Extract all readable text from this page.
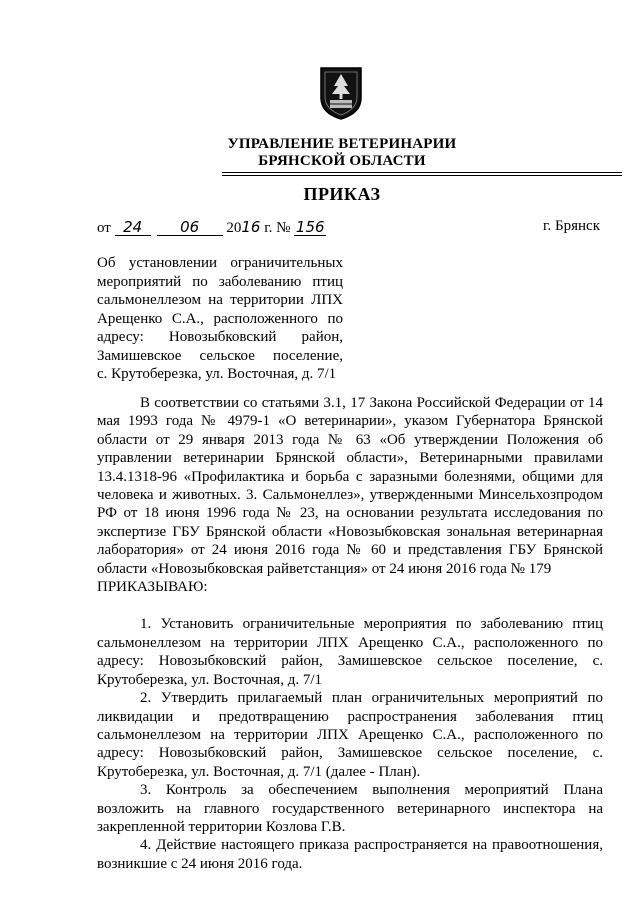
УПРАВЛЕНИЕ ВЕТЕРИНАРИИ
БРЯНСКОЙ ОБЛАСТИ
ПРИКАЗ
от 24	06 2016 г. № 156	г. Брянск
Об установлении ограничительных
мероприятий по заболеванию птиц
сальмонеллезом на территории ЛПХ
Арещенко С.А., расположенного по
адресу: Новозыбковский район,
Замишевское сельское поселение,
с. Крутоберезка, ул. Восточная, д. 7/1

В соответствии со статьями 3.1, 17 Закона Российской Федерации от 14 мая 1993 года № 4979-1 «О ветеринарии», указом Губернатора Брянской области от 29 января 2013 года № 63 «Об утверждении Положения об управлении ветеринарии Брянской области», Ветеринарными правилами 13.4.1318-96 «Профилактика и борьба с заразными болезнями, общими для человека и животных. 3. Сальмонеллез», утвержденными Минсельхозпродом РФ от 18 июня 1996 года № 23, на основании результата исследования по экспертизе ГБУ Брянской области «Новозыбковская зональная ветеринарная лаборатория» от 24 июня 2016 года № 60 и представления ГБУ Брянской области «Новозыбковская райветстанция» от 24 июня 2016 года № 179

ПРИКАЗЫВАЮ:

1. Установить ограничительные мероприятия по заболеванию птиц сальмонеллезом на территории ЛПХ Арещенко С.А., расположенного по адресу: Новозыбковский район, Замишевское сельское поселение, с. Крутоберезка, ул. Восточная, д. 7/1

2. Утвердить прилагаемый план ограничительных мероприятий по ликвидации и предотвращению распространения заболевания птиц сальмонеллезом на территории ЛПХ Арещенко С.А., расположенного по адресу: Новозыбковский район, Замишевское сельское поселение, с. Крутоберезка, ул. Восточная, д. 7/1 (далее - План).

3. Контроль за обеспечением выполнения мероприятий Плана возложить на главного государственного ветеринарного инспектора на закрепленной территории Козлова Г.В.

4. Действие настоящего приказа распространяется на правоотношения, возникшие с 24 июня 2016 года.
